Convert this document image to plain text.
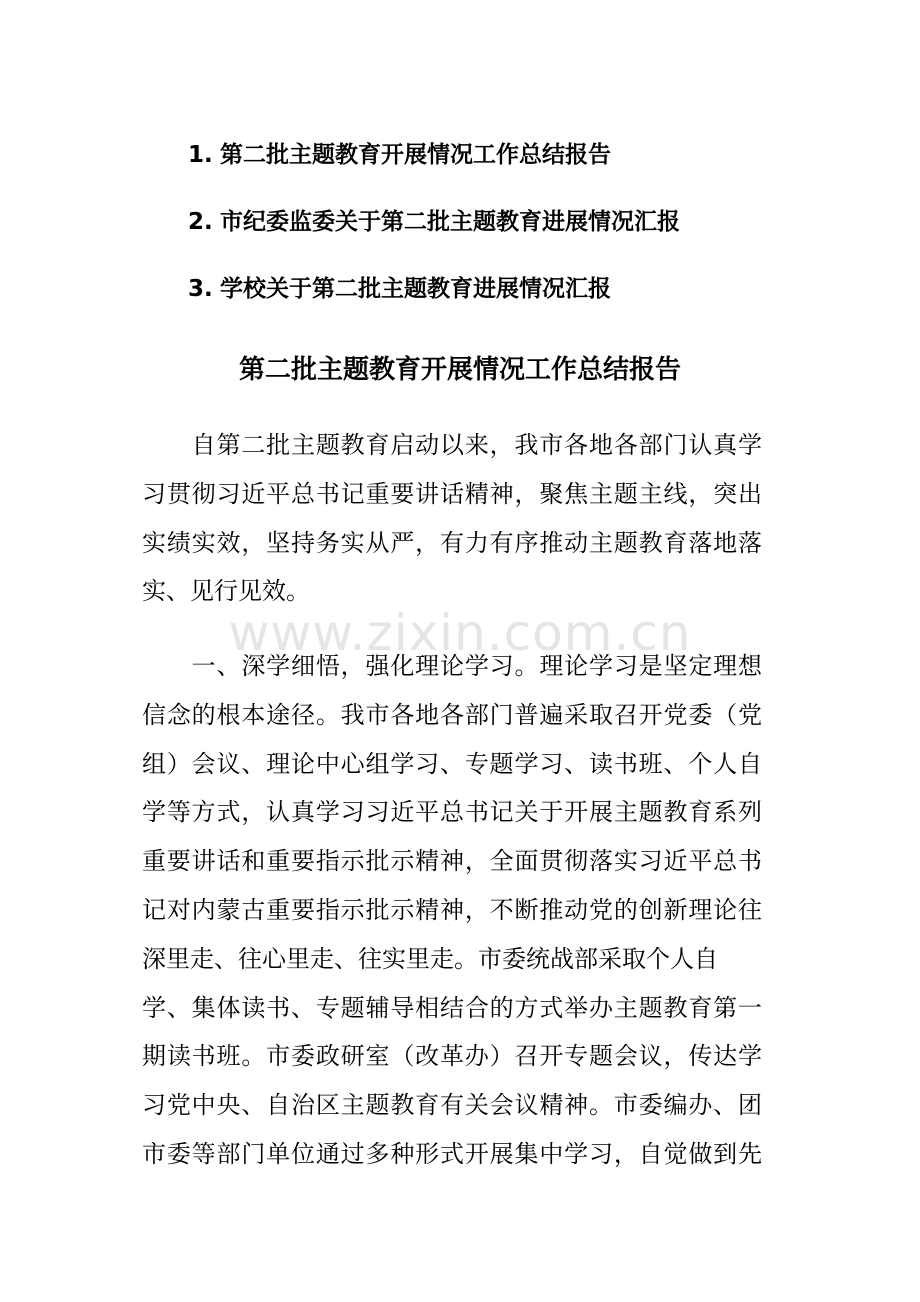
1. 第二批主题教育开展情况工作总结报告
2. 市纪委监委关于第二批主题教育进展情况汇报
3. 学校关于第二批主题教育进展情况汇报
第二批主题教育开展情况工作总结报告
　　自第二批主题教育启动以来，我市各地各部门认真学
习贯彻习近平总书记重要讲话精神，聚焦主题主线，突出
实绩实效，坚持务实从严，有力有序推动主题教育落地落
实、见行见效。
www.zixin.com.cn
　　一、深学细悟，强化理论学习。理论学习是坚定理想
信念的根本途径。我市各地各部门普遍采取召开党委（党
组）会议、理论中心组学习、专题学习、读书班、个人自
学等方式，认真学习习近平总书记关于开展主题教育系列
重要讲话和重要指示批示精神，全面贯彻落实习近平总书
记对内蒙古重要指示批示精神，不断推动党的创新理论往
深里走、往心里走、往实里走。市委统战部采取个人自
学、集体读书、专题辅导相结合的方式举办主题教育第一
期读书班。市委政研室（改革办）召开专题会议，传达学
习党中央、自治区主题教育有关会议精神。市委编办、团
市委等部门单位通过多种形式开展集中学习，自觉做到先
